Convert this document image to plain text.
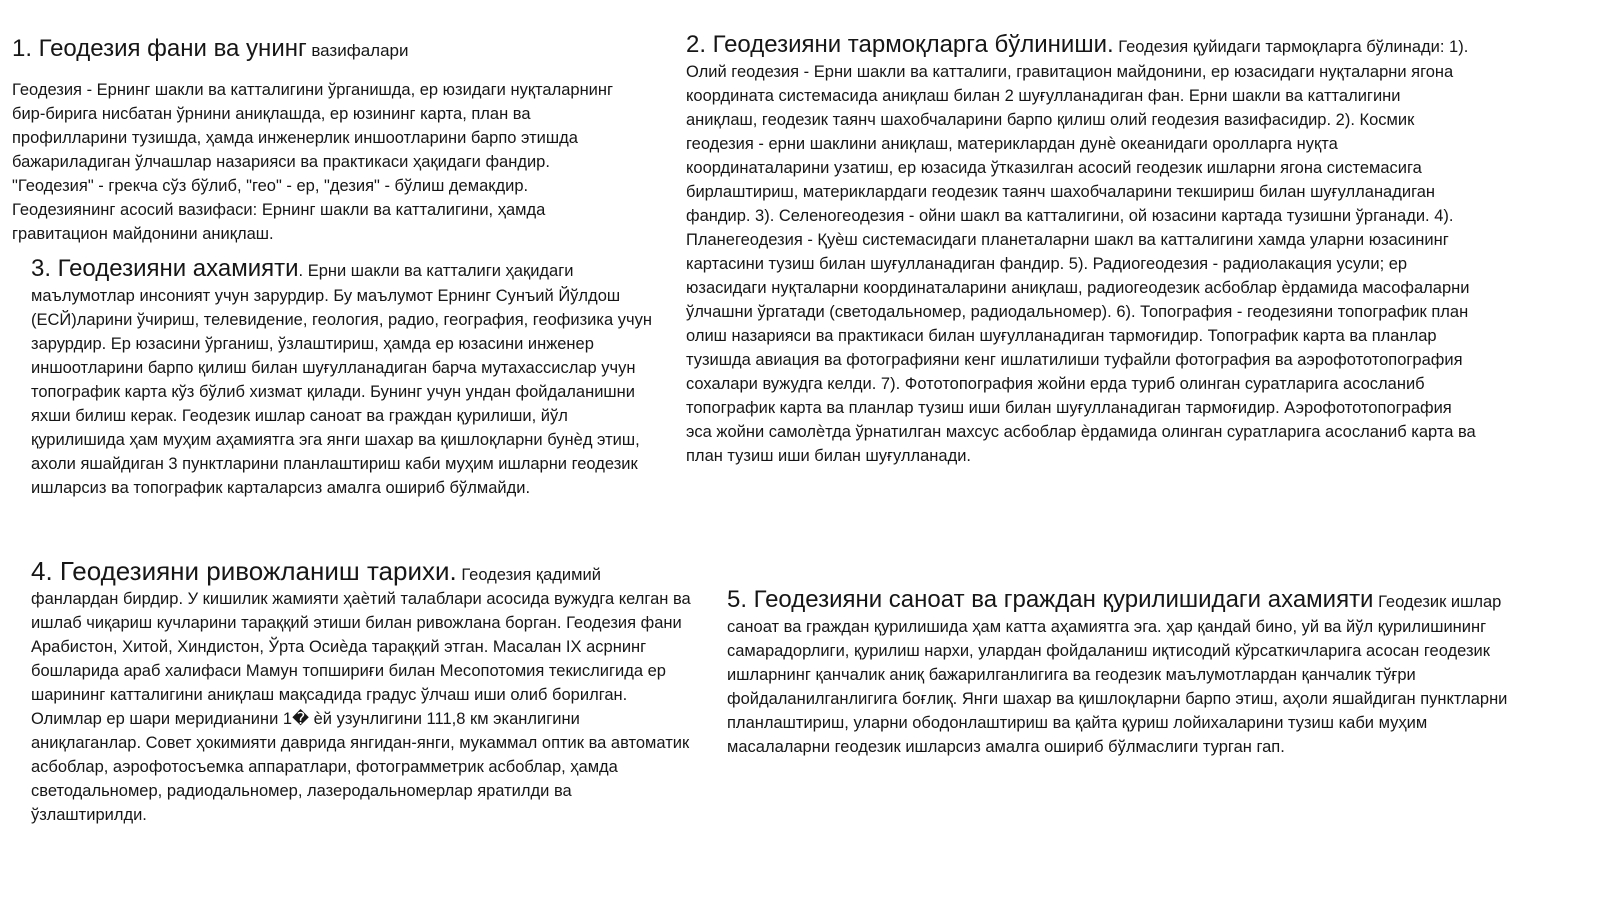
1. Геодезия фани ва унинг вазифалари
Геодезия - Ернинг шакли ва катталигини ўрганишда, ер юзидаги нуқталарнинг бир-бирига нисбатан ўрнини аниқлашда, ер юзининг карта, план ва профилларини тузишда, ҳамда инженерлик иншоотларини барпо этишда бажариладиган ўлчашлар назарияси ва практикаси ҳақидаги фандир. "Геодезия" - грекча сўз бўлиб, "гео" - ер, "дезия" - бўлиш демакдир. Геодезиянинг асосий вазифаси: Ернинг шакли ва катталигини, ҳамда гравитацион майдонини аниқлаш.

2. Геодезияни тармоқларга бўлиниши. Геодезия қуйидаги тармоқларга бўлинади: 1). Олий геодезия - Ерни шакли ва катталиги, гравитацион майдонини, ер юзасидаги нуқталарни ягона координата системасида аниқлаш билан 2 шуғулланадиган фан. Ерни шакли ва катталигини аниқлаш, геодезик таянч шахобчаларини барпо қилиш олий геодезия вазифасидир. 2). Космик геодезия - ерни шаклини аниқлаш, материклардан дунѐ океанидаги ороллaрга нуқта координаталарини узатиш, ер юзасида ўтказилган асосий геодезик ишларни ягона системасига бирлаштириш, материклардаги геодезик таянч шахобчаларини текшириш билан шуғулланадиган фандир. 3). Селеногеодезия - ойни шакл ва катталигини, ой юзасини картада тузишни ўрганади. 4). Планегеодезия - Қуѐш системасидаги планеталарни шакл ва катталигини хамда уларни юзасининг картасини тузиш билан шуғулланадиган фандир. 5). Радиогеодезия - радиолакация усули; ер юзасидаги нуқталарни координаталарини аниқлаш, радиогеодезик асбоблар ѐрдамида масофаларни ўлчашни ўргатади (светодальномер, радиодальномер). 6). Топография - геодезияни топографик план олиш назарияси ва практикаси билан шуғулланадиган тармоғидир. Топографик карта ва планлар тузишда авиация ва фотографияни кенг ишлатилиши туфайли фотография ва аэрофототопография сохалари вужудга келди. 7). Фототопография жойни ерда туриб олинган суратларига асосланиб топографик карта ва планлар тузиш иши билан шуғулланадиган тармоғидир. Аэрофототопография эса жойни самолѐтда ўрнатилган махсус асбоблар ѐрдамида олинган суратларига асосланиб карта ва план тузиш иши билан шуғулланади.

3. Геодезияни ахамияти. Ерни шакли ва катталиги ҳақидаги маълумотлар инсоният учун зарурдир. Бу маълумот Ернинг Сунъий Йўлдош (ЕСЙ)ларини ўчириш, телевидение, геология, радио, география, геофизика учун зарурдир. Ер юзасини ўрганиш, ўзлаштириш, ҳамда ер юзасини инженер иншоотларини барпо қилиш билан шуғулланадиган барча мутахассислар учун топографик карта кўз бўлиб хизмат қилади. Бунинг учун ундан фойдаланишни яхши билиш керак. Геодезик ишлар саноат ва граждан қурилиши, йўл қурилишида ҳам муҳим аҳамиятга эга янги шахар ва қишлоқларни бунѐд этиш, ахоли яшайдиган 3 пунктларини планлаштириш каби муҳим ишларни геодезик ишларсиз ва топографик карталарсиз амалга ошириб бўлмайди.

4. Геодезияни ривожланиш тарихи. Геодезия қадимий фанлардан бирдир. У кишилик жамияти ҳаѐтий талаблари асосида вужудга келган ва ишлаб чиқариш кучларини тараққий этиши билан ривожлана борган. Геодезия фани Арабистон, Хитой, Хиндистон, Ўрта Осиѐда тараққий этган. Масалан IX асрнинг бошларида араб халифаси Мамун топшириғи билан Месопотомия текислигида ер шарининг катталигини аниқлаш мақсадида градус ўлчаш иши олиб борилган. Олимлар ер шари меридианини 1� ѐй узунлигини 111,8 км эканлигини аниқлаганлар. Совет ҳокимияти даврида янгидан-янги, мукаммал оптик ва автоматик асбоблар, аэрофотосъемка аппаратлари, фотограмметрик асбоблар, ҳамда светодальномер, радиодальномер, лазеродальномерлар яратилди ва ўзлаштирилди.

5. Геодезияни саноат ва граждан қурилишидаги ахамияти Геодезик ишлар саноат ва граждан қурилишида ҳам катта аҳамиятга эга. ҳар қандай бино, уй ва йўл қурилишининг самарадорлиги, қурилиш нархи, улардан фойдаланиш иқтисодий кўрсаткичларига асосан геодезик ишларнинг қанчалик аниқ бажарилганлигига ва геодезик маълумотлардан қанчалик тўғри фойдаланилганлигига боғлиқ. Янги шахар ва қишлоқларни барпо этиш, аҳоли яшайдиган пунктларни планлаштириш, уларни ободонлаштириш ва қайта қуриш лойихаларини тузиш каби муҳим масалаларни геодезик ишларсиз амалга ошириб бўлмаслиги турган гап.
